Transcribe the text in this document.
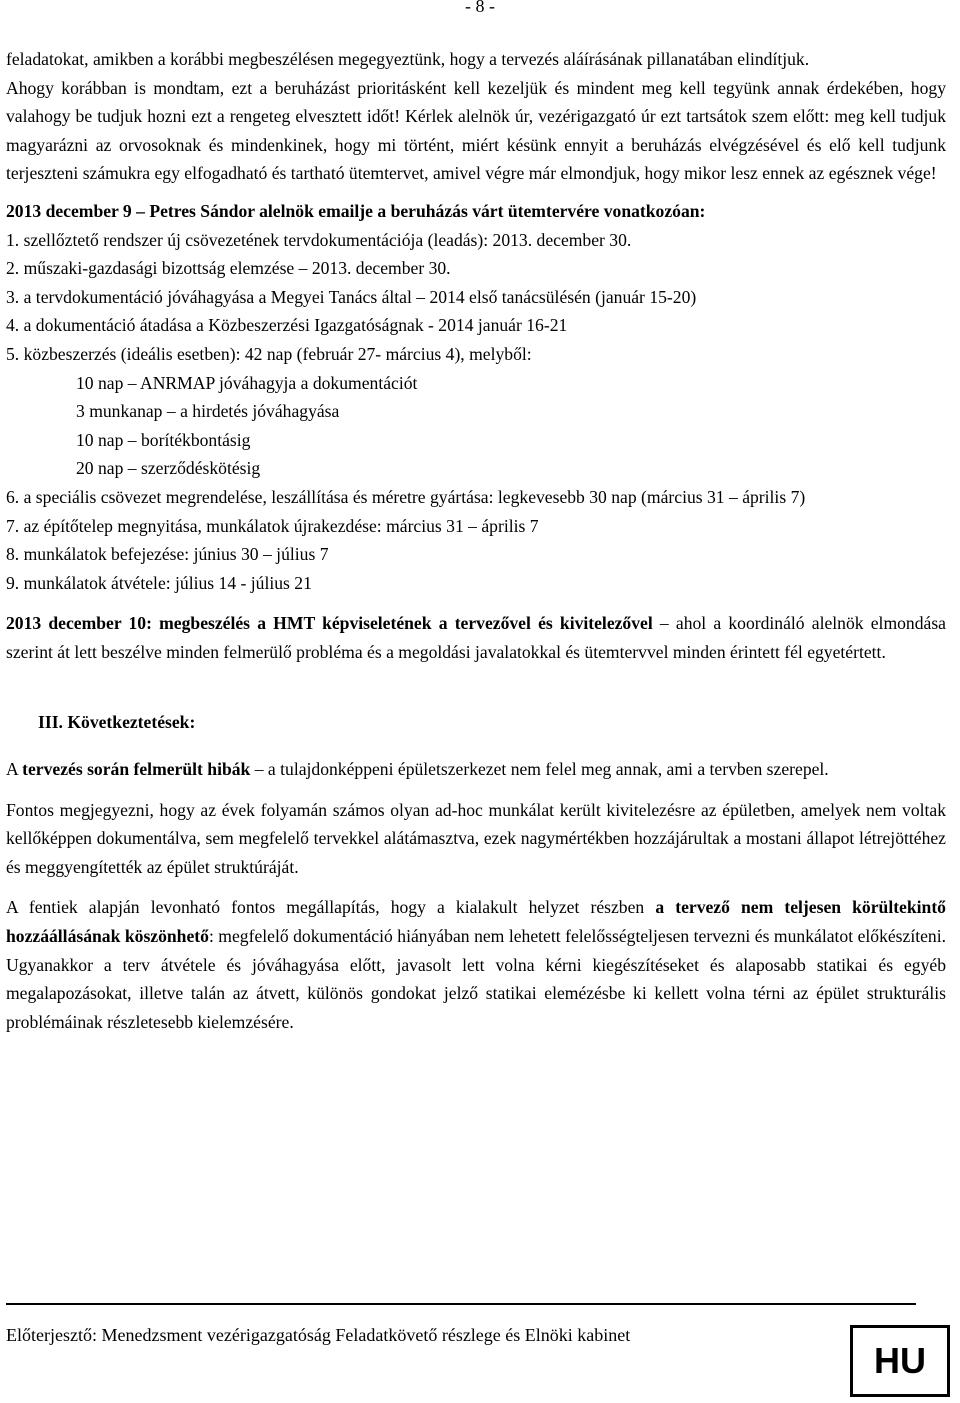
- 8 -

feladatokat, amikben a korábbi megbeszélésen megegyeztünk, hogy a tervezés aláírásának pillanatában elindítjuk.
Ahogy korábban is mondtam, ezt a beruházást prioritásként kell kezeljük és mindent meg kell tegyünk annak érdekében, hogy valahogy be tudjuk hozni ezt a rengeteg elvesztett időt! Kérlek alelnök úr, vezérigazgató úr ezt tartsátok szem előtt: meg kell tudjuk magyarázni az orvosoknak és mindenkinek, hogy mi történt, miért késünk ennyit a beruházás elvégzésével és elő kell tudjunk terjeszteni számukra egy elfogadható és tartható ütemtervet, amivel végre már elmondjuk, hogy mikor lesz ennek az egésznek vége!

2013 december 9 – Petres Sándor alelnök emailje a beruházás várt ütemtervére vonatkozóan:
1. szellőztető rendszer új csövezetének tervdokumentációja (leadás): 2013. december 30.
2. műszaki-gazdasági bizottság elemzése – 2013. december 30.
3. a tervdokumentáció jóváhagyása a Megyei Tanács által – 2014 első tanácsülésén (január 15-20)
4. a dokumentáció átadása a Közbeszerzési Igazgatóságnak - 2014 január 16-21
5. közbeszerzés (ideális esetben): 42 nap (február 27- március 4), melyből:
10 nap – ANRMAP jóváhagyja a dokumentációt
3 munkanap – a hirdetés jóváhagyása
10 nap – borítékbontásig
20 nap – szerződéskötésig

6. a speciális csövezet megrendelése, leszállítása és méretre gyártása: legkevesebb 30 nap (március 31 – április 7)

7. az építőtelep megnyitása, munkálatok újrakezdése: március 31 – április 7
8. munkálatok befejezése: június 30 – július 7
9. munkálatok átvétele: július 14 - július 21

2013 december 10: megbeszélés a HMT képviseletének a tervezővel és kivitelezővel – ahol a koordináló alelnök elmondása szerint át lett beszélve minden felmerülő probléma és a megoldási javalatokkal és ütemtervvel minden érintett fél egyetértett.

III. Következtetések:

A tervezés során felmerült hibák – a tulajdonképpeni épületszerkezet nem felel meg annak, ami a tervben szerepel.

Fontos megjegyezni, hogy az évek folyamán számos olyan ad-hoc munkálat került kivitelezésre az épületben, amelyek nem voltak kellőképpen dokumentálva, sem megfelelő tervekkel alátámasztva, ezek nagymértékben hozzájárultak a mostani állapot létrejöttéhez és meggyengítették az épület struktúráját.

A fentiek alapján levonható fontos megállapítás, hogy a kialakult helyzet részben a tervező nem teljesen körültekintő hozzáállásának köszönhető: megfelelő dokumentáció hiányában nem lehetett felelősségteljesen tervezni és munkálatot előkészíteni. Ugyanakkor a terv átvétele és jóváhagyása előtt, javasolt lett volna kérni kiegészítéseket és alaposabb statikai és egyéb megalapozásokat, illetve talán az átvett, különös gondokat jelző statikai elemézésbe ki kellett volna térni az épület strukturális problémáinak részletesebb kielemzésére.

Előterjesztő: Menedzsment vezérigazgatóság Feladatkövető részlege és Elnöki kabinet
HU
